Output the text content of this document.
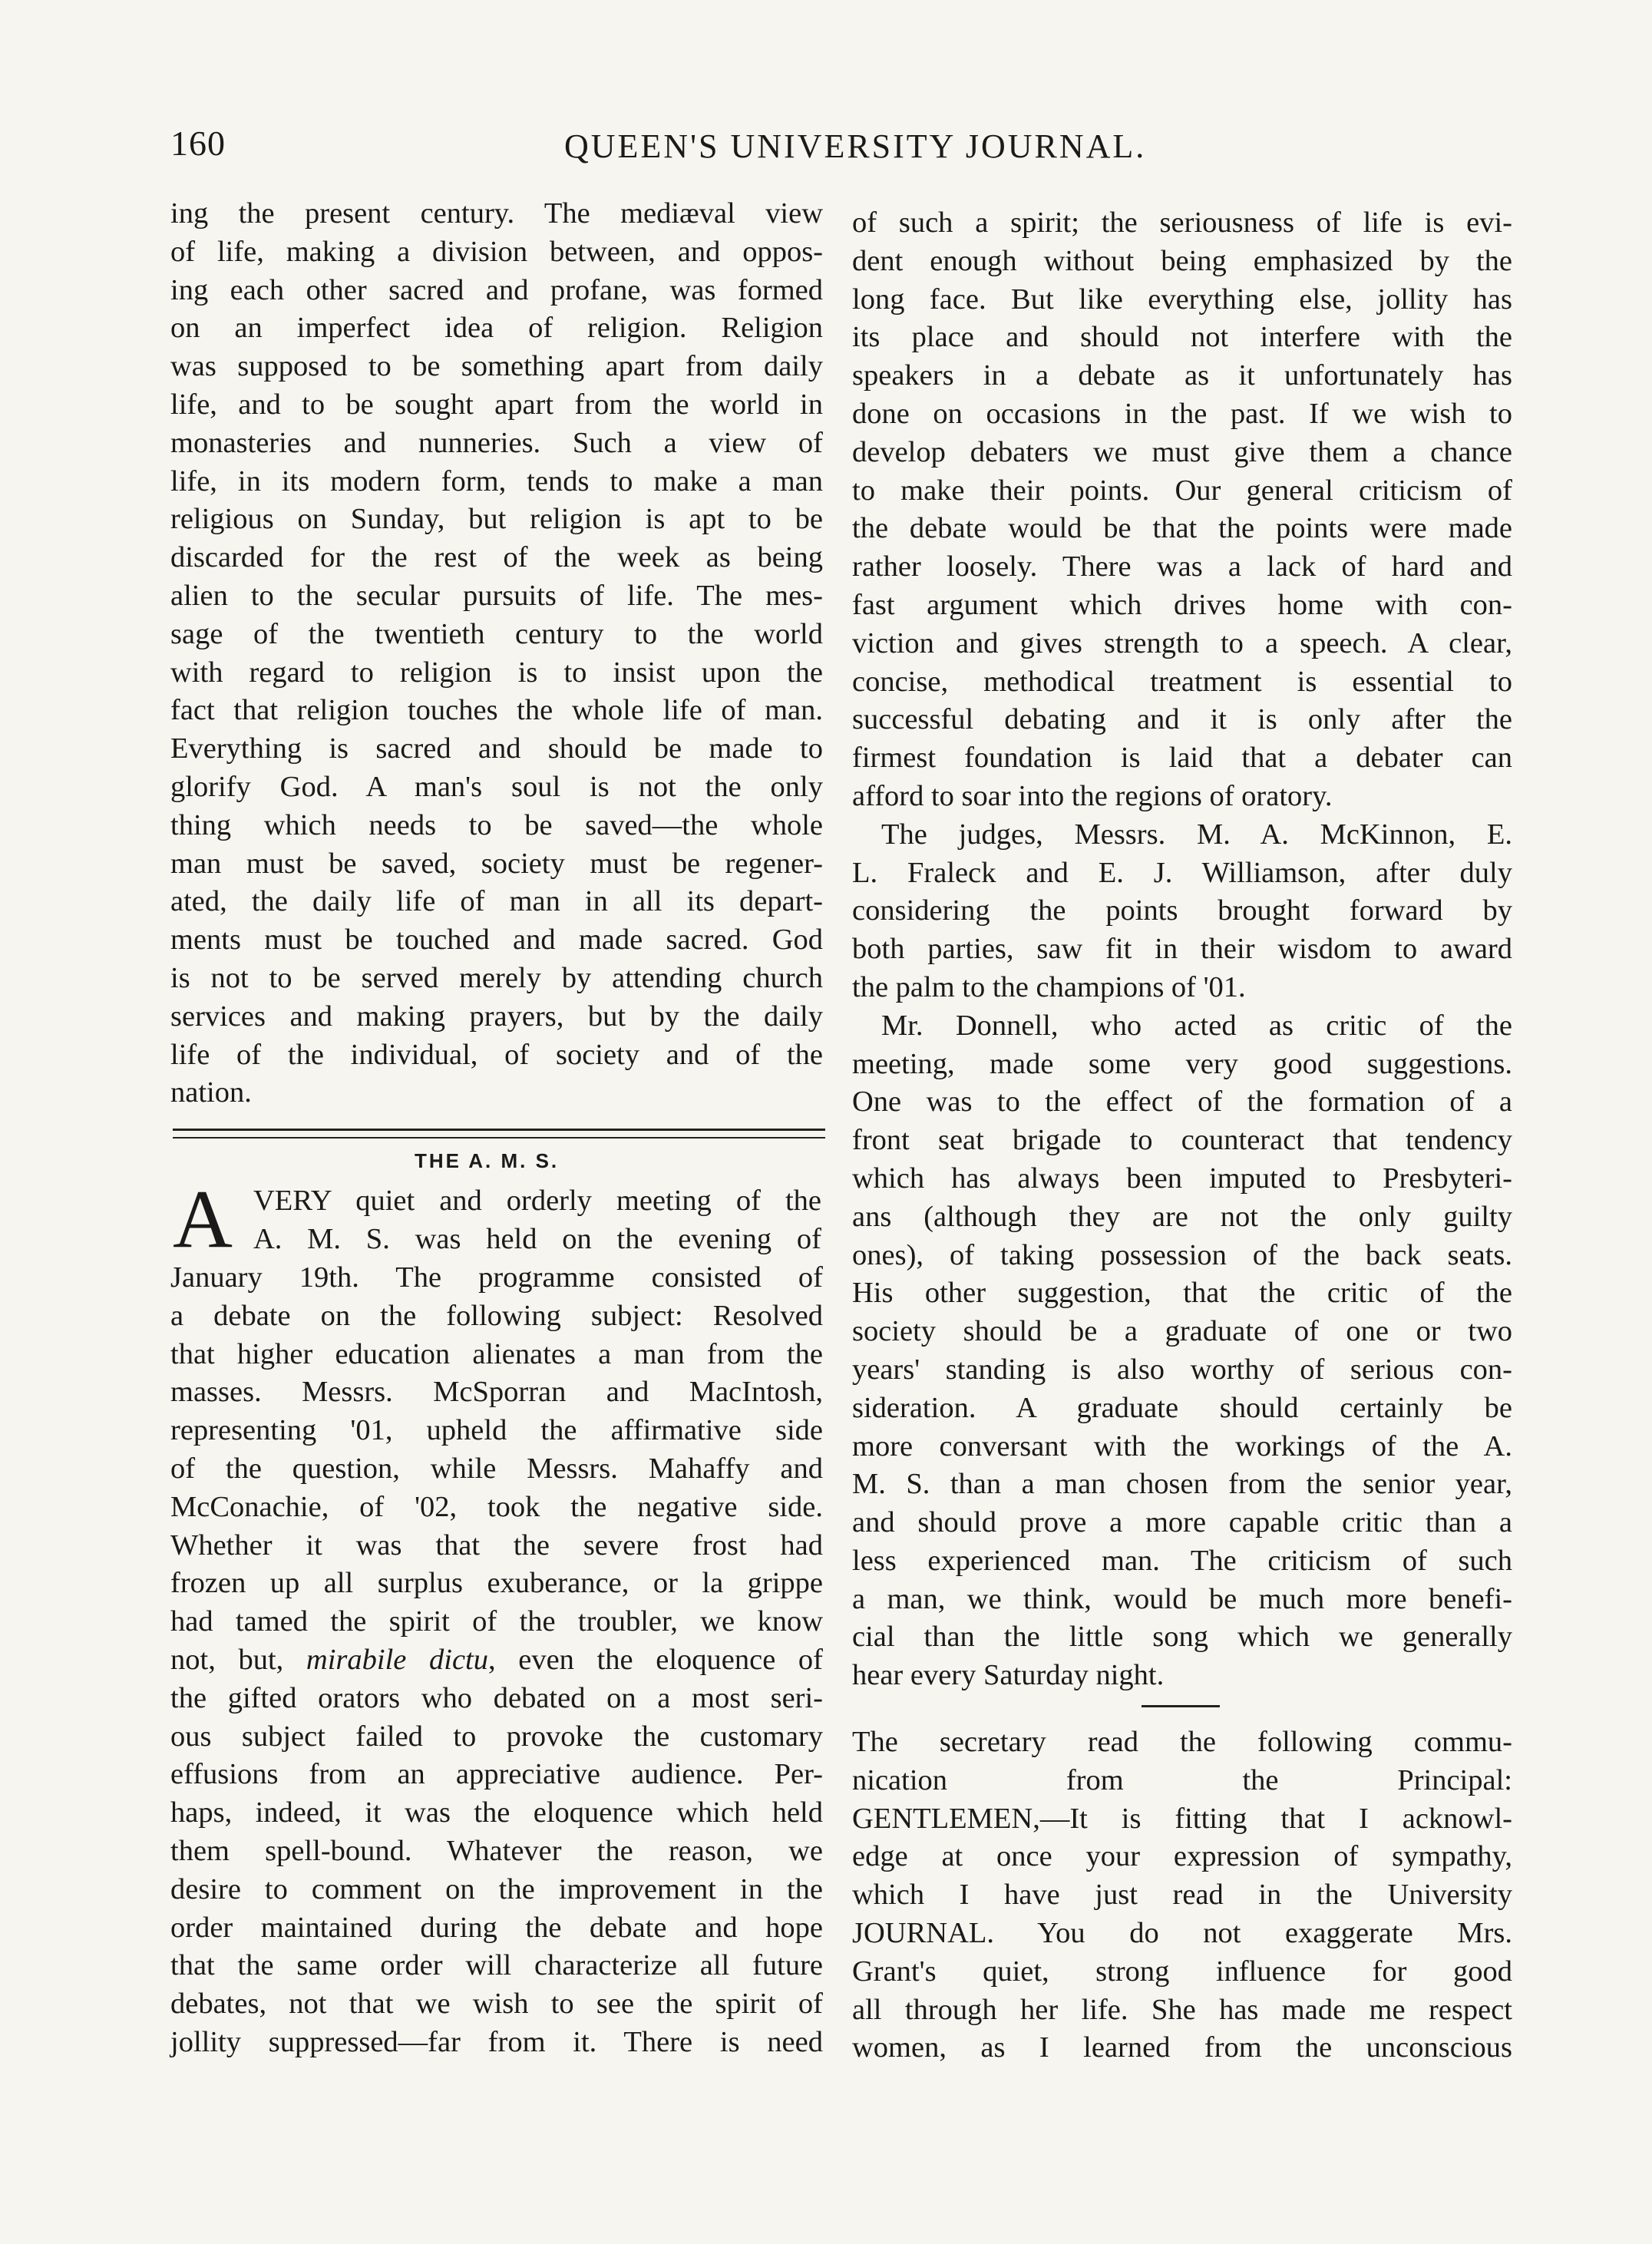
160	QUEEN'S UNIVERSITY JOURNAL.

ing the present century. The mediæval view

of life, making a division between, and oppos-

ing each other sacred and profane, was formed

on an imperfect idea of religion. Religion

was supposed to be something apart from daily

life, and to be sought apart from the world in

monasteries and nunneries. Such a view of

life, in its modern form, tends to make a man

religious on Sunday, but religion is apt to be

discarded for the rest of the week as being

alien to the secular pursuits of life. The mes-

sage of the twentieth century to the world

with regard to religion is to insist upon the

fact that religion touches the whole life of man.

Everything is sacred and should be made to

glorify God. A man's soul is not the only

thing which needs to be saved—the whole

man must be saved, society must be regener-

ated, the daily life of man in all its depart-

ments must be touched and made sacred. God

is not to be served merely by attending church

services and making prayers, but by the daily

life of the individual, of society and of the

nation.

THE A. M. S.
A VERY quiet and orderly meeting of the

A. M. S. was held on the evening of

January 19th. The programme consisted of

a debate on the following subject: Resolved

that higher education alienates a man from the

masses. Messrs. McSporran and MacIntosh,

representing '01, upheld the affirmative side

of the question, while Messrs. Mahaffy and

McConachie, of '02, took the negative side.

Whether it was that the severe frost had

frozen up all surplus exuberance, or la grippe

had tamed the spirit of the troubler, we know

not, but, mirabile dictu, even the eloquence of

the gifted orators who debated on a most seri-

ous subject failed to provoke the customary

effusions from an appreciative audience. Per-

haps, indeed, it was the eloquence which held

them spell-bound. Whatever the reason, we

desire to comment on the improvement in the

order maintained during the debate and hope

that the same order will characterize all future

debates, not that we wish to see the spirit of

jollity suppressed—far from it. There is need

of such a spirit; the seriousness of life is evi-

dent enough without being emphasized by the

long face. But like everything else, jollity has

its place and should not interfere with the

speakers in a debate as it unfortunately has

done on occasions in the past. If we wish to

develop debaters we must give them a chance

to make their points. Our general criticism of

the debate would be that the points were made

rather loosely. There was a lack of hard and

fast argument which drives home with con-

viction and gives strength to a speech. A clear,

concise, methodical treatment is essential to

successful debating and it is only after the

firmest foundation is laid that a debater can

afford to soar into the regions of oratory.

The judges, Messrs. M. A. McKinnon, E.

L. Fraleck and E. J. Williamson, after duly

considering the points brought forward by

both parties, saw fit in their wisdom to award

the palm to the champions of '01.

Mr. Donnell, who acted as critic of the

meeting, made some very good suggestions.

One was to the effect of the formation of a

front seat brigade to counteract that tendency

which has always been imputed to Presbyteri-

ans (although they are not the only guilty

ones), of taking possession of the back seats.

His other suggestion, that the critic of the

society should be a graduate of one or two

years' standing is also worthy of serious con-

sideration. A graduate should certainly be

more conversant with the workings of the A.

M. S. than a man chosen from the senior year,

and should prove a more capable critic than a

less experienced man. The criticism of such

a man, we think, would be much more benefi-

cial than the little song which we generally

hear every Saturday night.

The secretary read the following commu-

nication from the Principal:

GENTLEMEN,—It is fitting that I acknowl-

edge at once your expression of sympathy,

which I have just read in the University

JOURNAL. You do not exaggerate Mrs.

Grant's quiet, strong influence for good

all through her life. She has made me respect

women, as I learned from the unconscious
